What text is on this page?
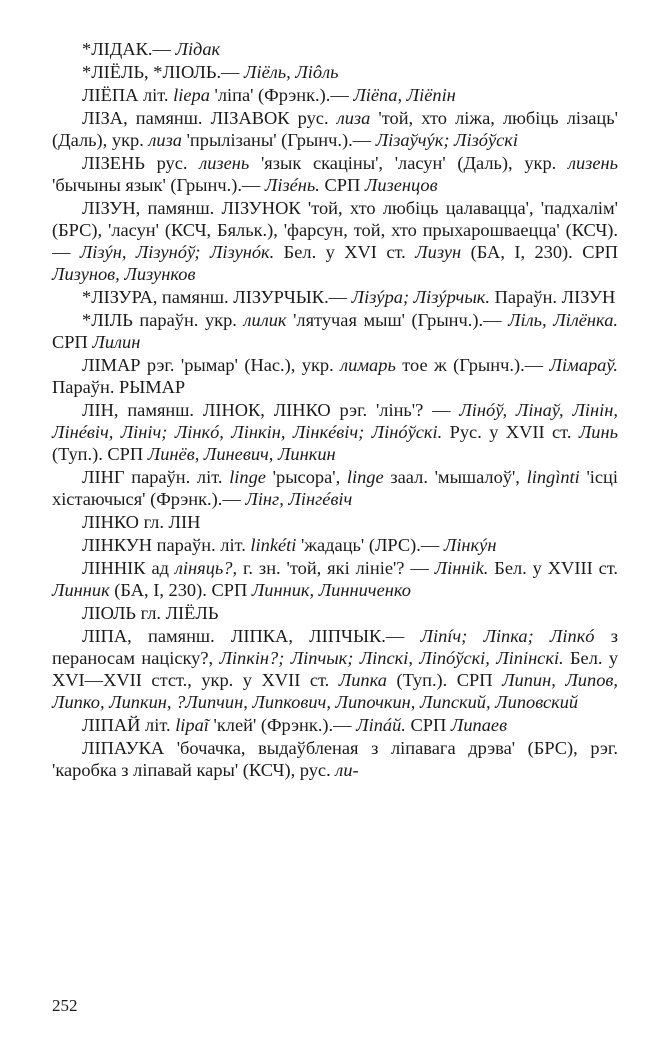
*ЛІДАК.— Лідак

*ЛІЁЛЬ, *ЛІОЛЬ.— Лiёль, Лiôль

ЛІЁПА літ. liepa 'ліпа' (Фрэнк.).— Ліёпа, Ліёпін

ЛІЗА, памянш. ЛІЗАВОК рус. лиза 'той, хто ліжа, любіць лізаць' (Даль), укр. лиза 'прылізаны' (Грынч.).— Лізаўчýк; Лізóўскі

ЛІЗЕНЬ рус. лизень 'язык скаціны', 'ласун' (Даль), укр. лизень 'бычыны язык' (Грынч.).— Лізéнь. СРП Лизенцов

ЛІЗУН, памянш. ЛІЗУНОК 'той, хто любіць цалавацца', 'падхалім' (БРС), 'ласун' (КСЧ, Бяльк.), 'фарсун, той, хто прыхарошваецца' (КСЧ).— Лізýн, Лізунóў; Лізунóк. Бел. у XVI ст. Лизун (БА, I, 230). СРП Лизунов, Лизунков

*ЛІЗУРА, памянш. ЛІЗУРЧЫК.— Лізýра; Лізýрчык. Параўн. ЛІЗУН

*ЛІЛЬ параўн. укр. лилик 'лятучая мыш' (Грынч.).— Ліль, Лілёнка. СРП Лилин

ЛІМАР рэг. 'рымар' (Нас.), укр. лимарь тое ж (Грынч.).— Лімараў. Параўн. РЫМАР

ЛІН, памянш. ЛІНОК, ЛІНКО рэг. 'лінь'? — Лінóў, Лінаў, Лінін, Лінéвіч, Лініч; Лінкó, Лінкін, Лінкéвіч; Лінóўскі. Рус. у XVII ст. Линь (Туп.). СРП Линёв, Линевич, Линкин

ЛІНГ параўн. літ. linge 'рысора', linge заал. 'мышалоў', lingìnti 'ісці хістаючыся' (Фрэнк.).— Лінг, Лінгéвіч

ЛІНКО гл. ЛІН

ЛІНКУН параўн. літ. linkéti 'жадаць' (ЛРС).— Лінкýн

ЛІННІК ад ліняць?, г. зн. 'той, які лініе'? — Лінніk. Бел. у XVIII ст. Линник (БА, I, 230). СРП Линник, Линниченко

ЛІОЛЬ гл. ЛІЁЛЬ

ЛІПА, памянш. ЛІПКА, ЛІПЧЫК.— Ліпíч; Ліпка; Ліпкó з пераносам націску?, Ліпкін?; Ліпчык; Ліпскі, Ліпóўскі, Ліпінскі. Бел. у XVI—XVII стст., укр. у XVII ст. Липка (Туп.). СРП Липин, Липов, Липко, Липкин, ?Липчин, Липкович, Липочкин, Липский, Липовский

ЛІПАЙ літ. lipaĩ 'клей' (Фрэнк.).— Ліпáй. СРП Липаев

ЛІПАУКА 'бочачка, выдаўбленая з ліпавага дрэва' (БРС), рэг. 'каробка з ліпавай кары' (КСЧ), рус. ли-

252
